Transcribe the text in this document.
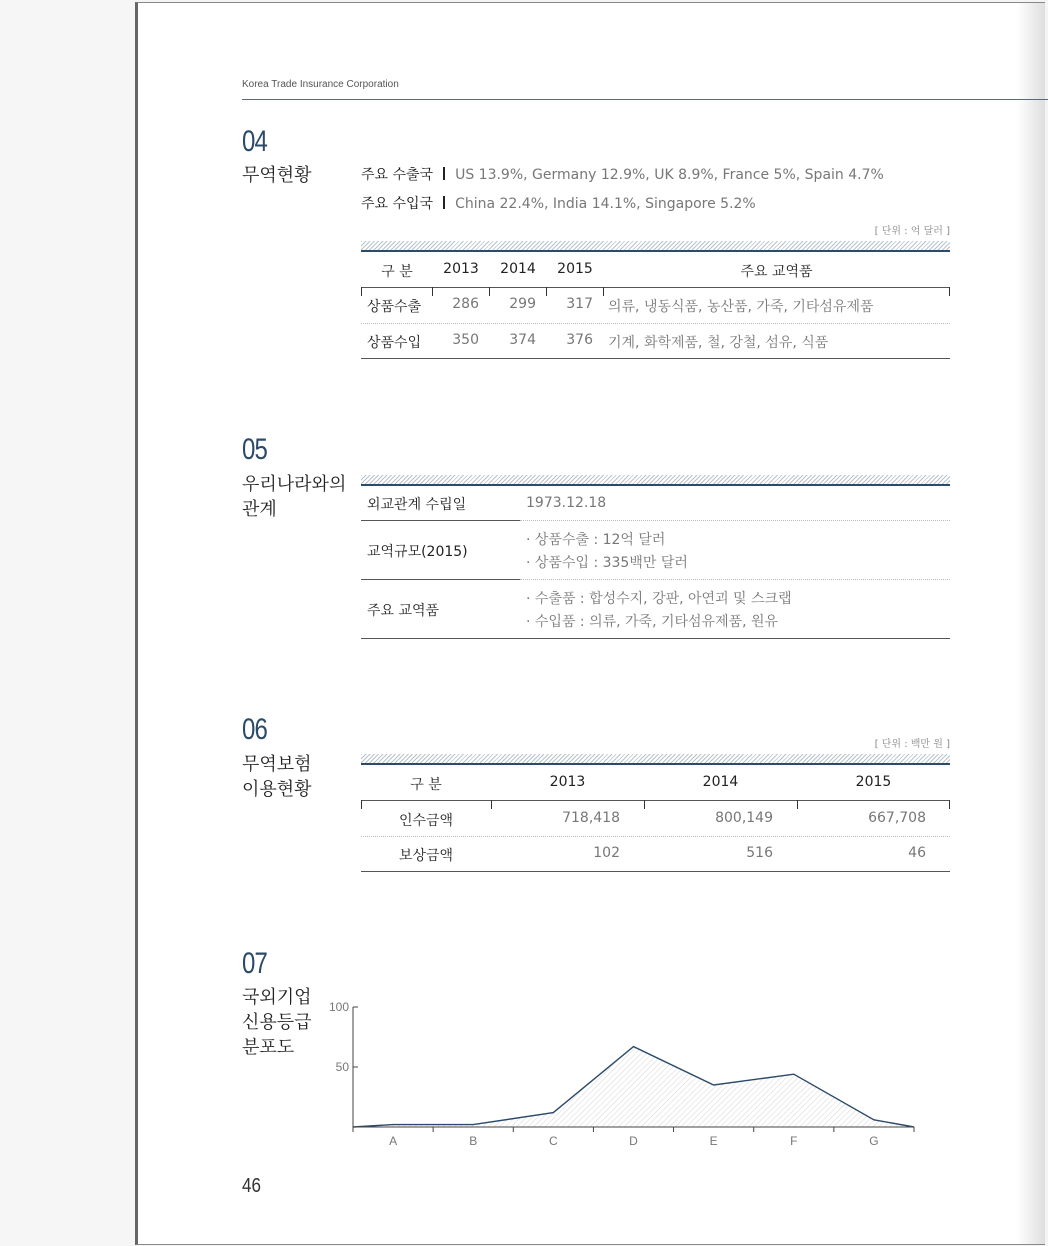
Korea Trade Insurance Corporation
04
무역현황	주요 수출국 US 13.9%, Germany 12.9%, UK 8.9%, France 5%, Spain 4.7%
주요 수입국 China 22.4%, India 14.1%, Singapore 5.2%
[ 단위 : 억 달러 ]
구 분	2013	2014	2015	주요 교역품
상품수출	286	299	317 의류, 냉동식품, 농산품, 가죽, 기타섬유제품
상품수입	350	374	376 기계, 화학제품, 철, 강철, 섬유, 식품
05
우리나라와의
관계	외교관계 수립일	1973.12.18
교역규모(2015)
· 상품수출 : 12억 달러
· 상품수입 : 335백만 달러
주요 교역품
· 수출품 : 합성수지, 강판, 아연괴 및 스크랩
· 수입품 : 의류, 가죽, 기타섬유제품, 원유
06
무역보험
이용현황
[ 단위 : 백만 원 ]
구 분	2013	2014	2015
인수금액	718,418	800,149	667,708
보상금액	102	516	46
07
국외기업
신용등급
분포도
A	B	C	D	E	F	G
50
100
46
